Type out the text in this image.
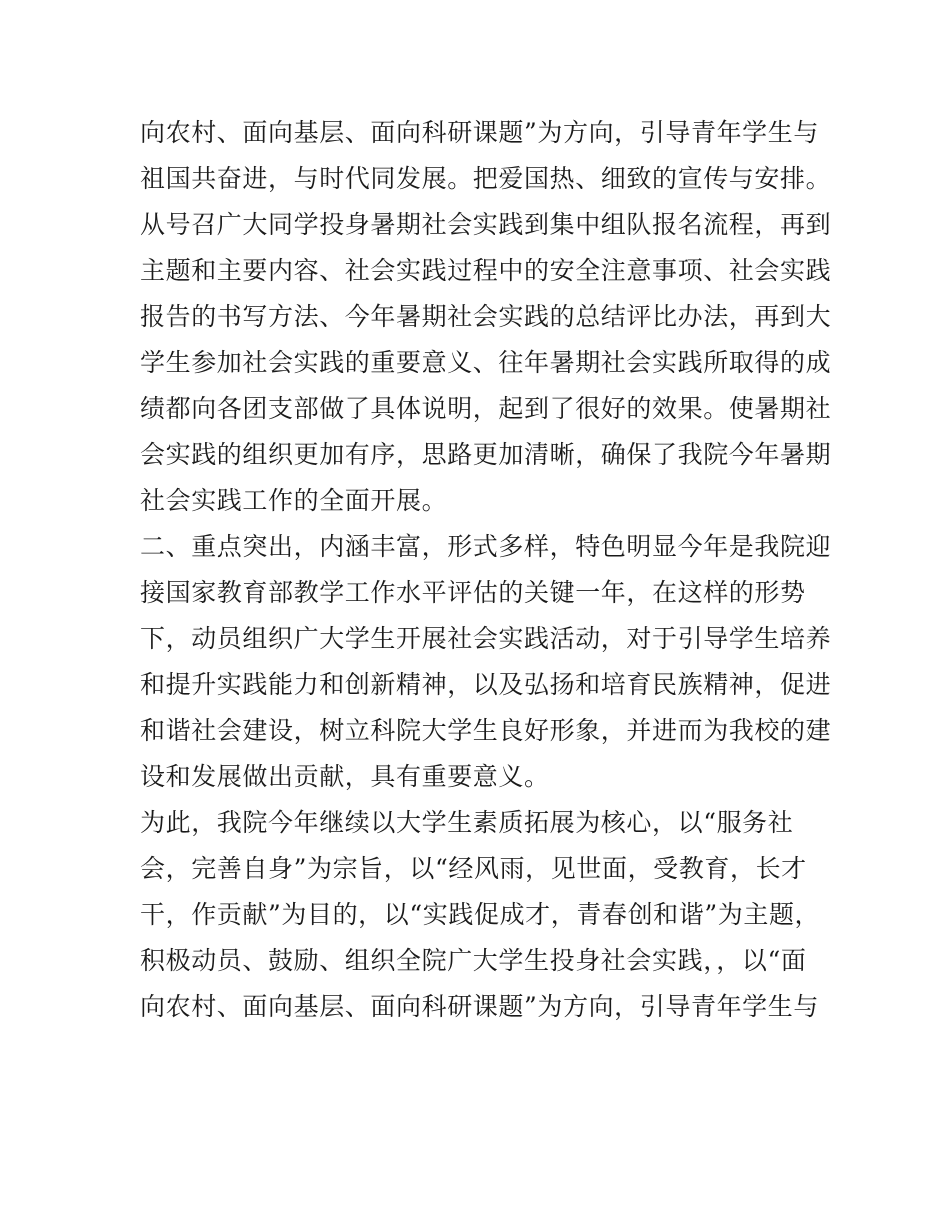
向农村、面向基层、面向科研课题”为方向，引导青年学生与
祖国共奋进，与时代同发展。把爱国热、细致的宣传与安排。
从号召广大同学投身暑期社会实践到集中组队报名流程，再到
主题和主要内容、社会实践过程中的安全注意事项、社会实践
报告的书写方法、今年暑期社会实践的总结评比办法，再到大
学生参加社会实践的重要意义、往年暑期社会实践所取得的成
绩都向各团支部做了具体说明，起到了很好的效果。使暑期社
会实践的组织更加有序，思路更加清晰，确保了我院今年暑期
社会实践工作的全面开展。
二、重点突出，内涵丰富，形式多样，特色明显今年是我院迎
接国家教育部教学工作水平评估的关键一年，在这样的形势
下，动员组织广大学生开展社会实践活动，对于引导学生培养
和提升实践能力和创新精神，以及弘扬和培育民族精神，促进
和谐社会建设，树立科院大学生良好形象，并进而为我校的建
设和发展做出贡献，具有重要意义。
为此，我院今年继续以大学生素质拓展为核心，以“服务社
会，完善自身”为宗旨，以“经风雨，见世面，受教育，长才
干，作贡献”为目的，以“实践促成才，青春创和谐”为主题，
积极动员、鼓励、组织全院广大学生投身社会实践，，以“面
向农村、面向基层、面向科研课题”为方向，引导青年学生与
